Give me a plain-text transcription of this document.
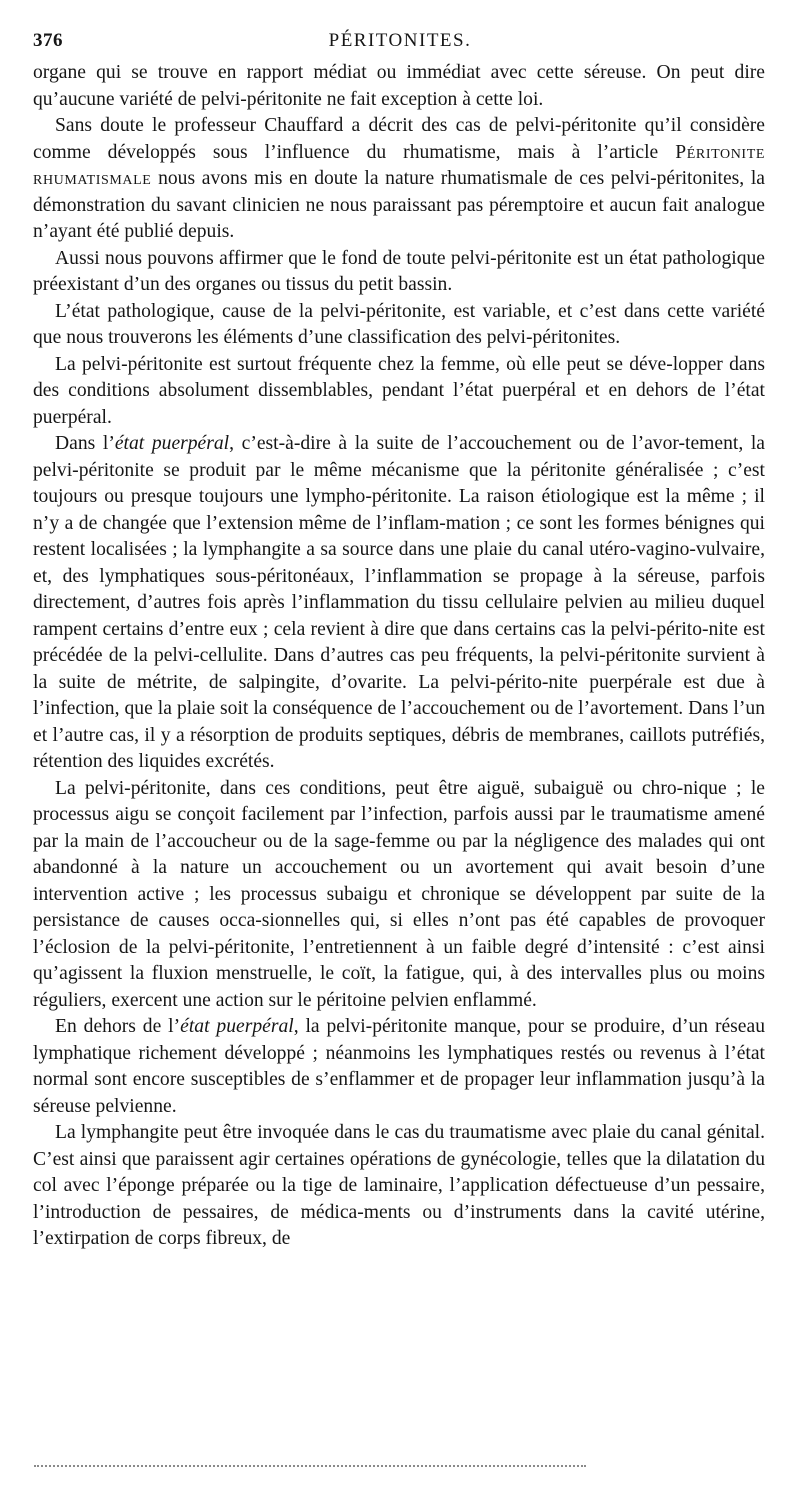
376	PÉRITONITES.

organe qui se trouve en rapport médiat ou immédiat avec cette séreuse. On peut dire qu’aucune variété de pelvi-péritonite ne fait exception à cette loi.

Sans doute le professeur Chauffard a décrit des cas de pelvi-péritonite qu’il considère comme développés sous l’influence du rhumatisme, mais à l’article Péritonite rhumatismale nous avons mis en doute la nature rhumatismale de ces pelvi-péritonites, la démonstration du savant clinicien ne nous paraissant pas péremptoire et aucun fait analogue n’ayant été publié depuis.

Aussi nous pouvons affirmer que le fond de toute pelvi-péritonite est un état pathologique préexistant d’un des organes ou tissus du petit bassin.

L’état pathologique, cause de la pelvi-péritonite, est variable, et c’est dans cette variété que nous trouverons les éléments d’une classification des pelvi-péritonites.

La pelvi-péritonite est surtout fréquente chez la femme, où elle peut se déve-lopper dans des conditions absolument dissemblables, pendant l’état puerpéral et en dehors de l’état puerpéral.

Dans l’état puerpéral, c’est-à-dire à la suite de l’accouchement ou de l’avor-tement, la pelvi-péritonite se produit par le même mécanisme que la péritonite généralisée ; c’est toujours ou presque toujours une lympho-péritonite. La raison étiologique est la même ; il n’y a de changée que l’extension même de l’inflam-mation ; ce sont les formes bénignes qui restent localisées ; la lymphangite a sa source dans une plaie du canal utéro-vagino-vulvaire, et, des lymphatiques sous-péritonéaux, l’inflammation se propage à la séreuse, parfois directement, d’autres fois après l’inflammation du tissu cellulaire pelvien au milieu duquel rampent certains d’entre eux ; cela revient à dire que dans certains cas la pelvi-périto-nite est précédée de la pelvi-cellulite. Dans d’autres cas peu fréquents, la pelvi-péritonite survient à la suite de métrite, de salpingite, d’ovarite. La pelvi-périto-nite puerpérale est due à l’infection, que la plaie soit la conséquence de l’accouchement ou de l’avortement. Dans l’un et l’autre cas, il y a résorption de produits septiques, débris de membranes, caillots putréfiés, rétention des liquides excrétés.

La pelvi-péritonite, dans ces conditions, peut être aiguë, subaiguë ou chro-nique ; le processus aigu se conçoit facilement par l’infection, parfois aussi par le traumatisme amené par la main de l’accoucheur ou de la sage-femme ou par la négligence des malades qui ont abandonné à la nature un accouchement ou un avortement qui avait besoin d’une intervention active ; les processus subaigu et chronique se développent par suite de la persistance de causes occa-sionnelles qui, si elles n’ont pas été capables de provoquer l’éclosion de la pelvi-péritonite, l’entretiennent à un faible degré d’intensité : c’est ainsi qu’agissent la fluxion menstruelle, le coït, la fatigue, qui, à des intervalles plus ou moins réguliers, exercent une action sur le péritoine pelvien enflammé.

En dehors de l’état puerpéral, la pelvi-péritonite manque, pour se produire, d’un réseau lymphatique richement développé ; néanmoins les lymphatiques restés ou revenus à l’état normal sont encore susceptibles de s’enflammer et de propager leur inflammation jusqu’à la séreuse pelvienne.

La lymphangite peut être invoquée dans le cas du traumatisme avec plaie du canal génital. C’est ainsi que paraissent agir certaines opérations de gynécologie, telles que la dilatation du col avec l’éponge préparée ou la tige de laminaire, l’application défectueuse d’un pessaire, l’introduction de pessaires, de médica-ments ou d’instruments dans la cavité utérine, l’extirpation de corps fibreux, de
